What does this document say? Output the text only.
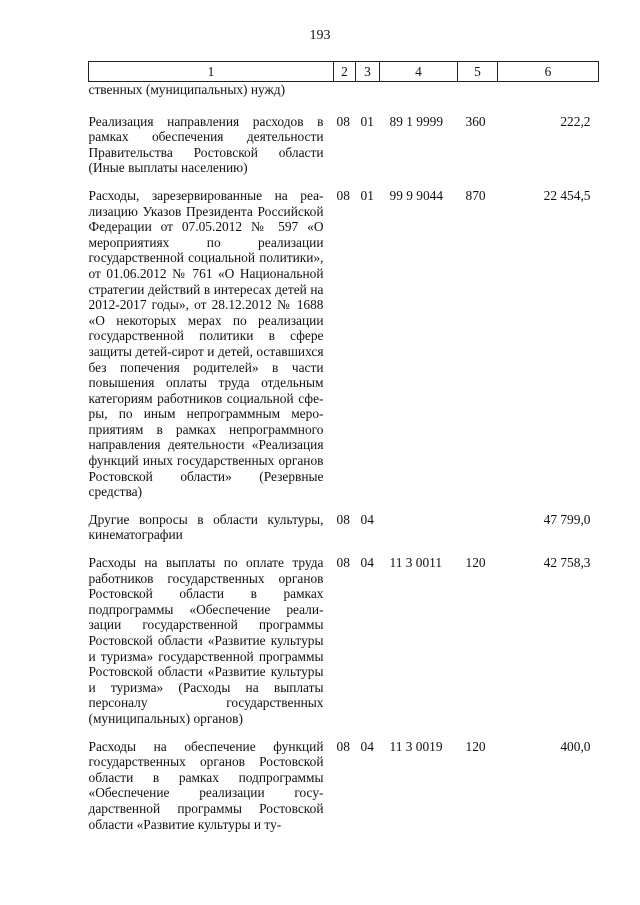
193
1	2	3	4	5	6
ственных (муниципальных) нужд)					
Реализация направления расходов в рамках обеспечения деятельности Правительства Ростовской области (Иные выплаты населению)	08	01	89 1 9999	360	222,2
Расходы, зарезервированные на реализацию Указов Президента Российской Федерации от 07.05.2012 № 597 «О мероприятиях по реализации государственной социальной политики», от 01.06.2012 № 761 «О Национальной стратегии действий в интересах детей на 2012-2017 годы», от 28.12.2012 № 1688 «О некоторых мерах по реализации государственной политики в сфере защиты детей-сирот и детей, оставшихся без попечения родителей» в части повышения оплаты труда отдельным категориям работников социальной сферы, по иным непрограммным мероприятиям в рамках непрограммного направления деятельности «Реализация функций иных государственных органов Ростовской области» (Резервные средства)	08	01	99 9 9044	870	22 454,5
Другие вопросы в области культуры, кинематографии	08	04			47 799,0
Расходы на выплаты по оплате труда работников государственных органов Ростовской области в рамках подпрограммы «Обеспечение реализации государственной программы Ростовской области «Развитие культуры и туризма» государственной программы Ростовской области «Развитие культуры и туризма» (Расходы на выплаты персоналу государственных (муниципальных) органов)	08	04	11 3 0011	120	42 758,3
Расходы на обеспечение функций государственных органов Ростовской области в рамках подпрограммы «Обеспечение реализации государственной программы Ростовской области «Развитие культуры и ту-	08	04	11 3 0019	120	400,0
